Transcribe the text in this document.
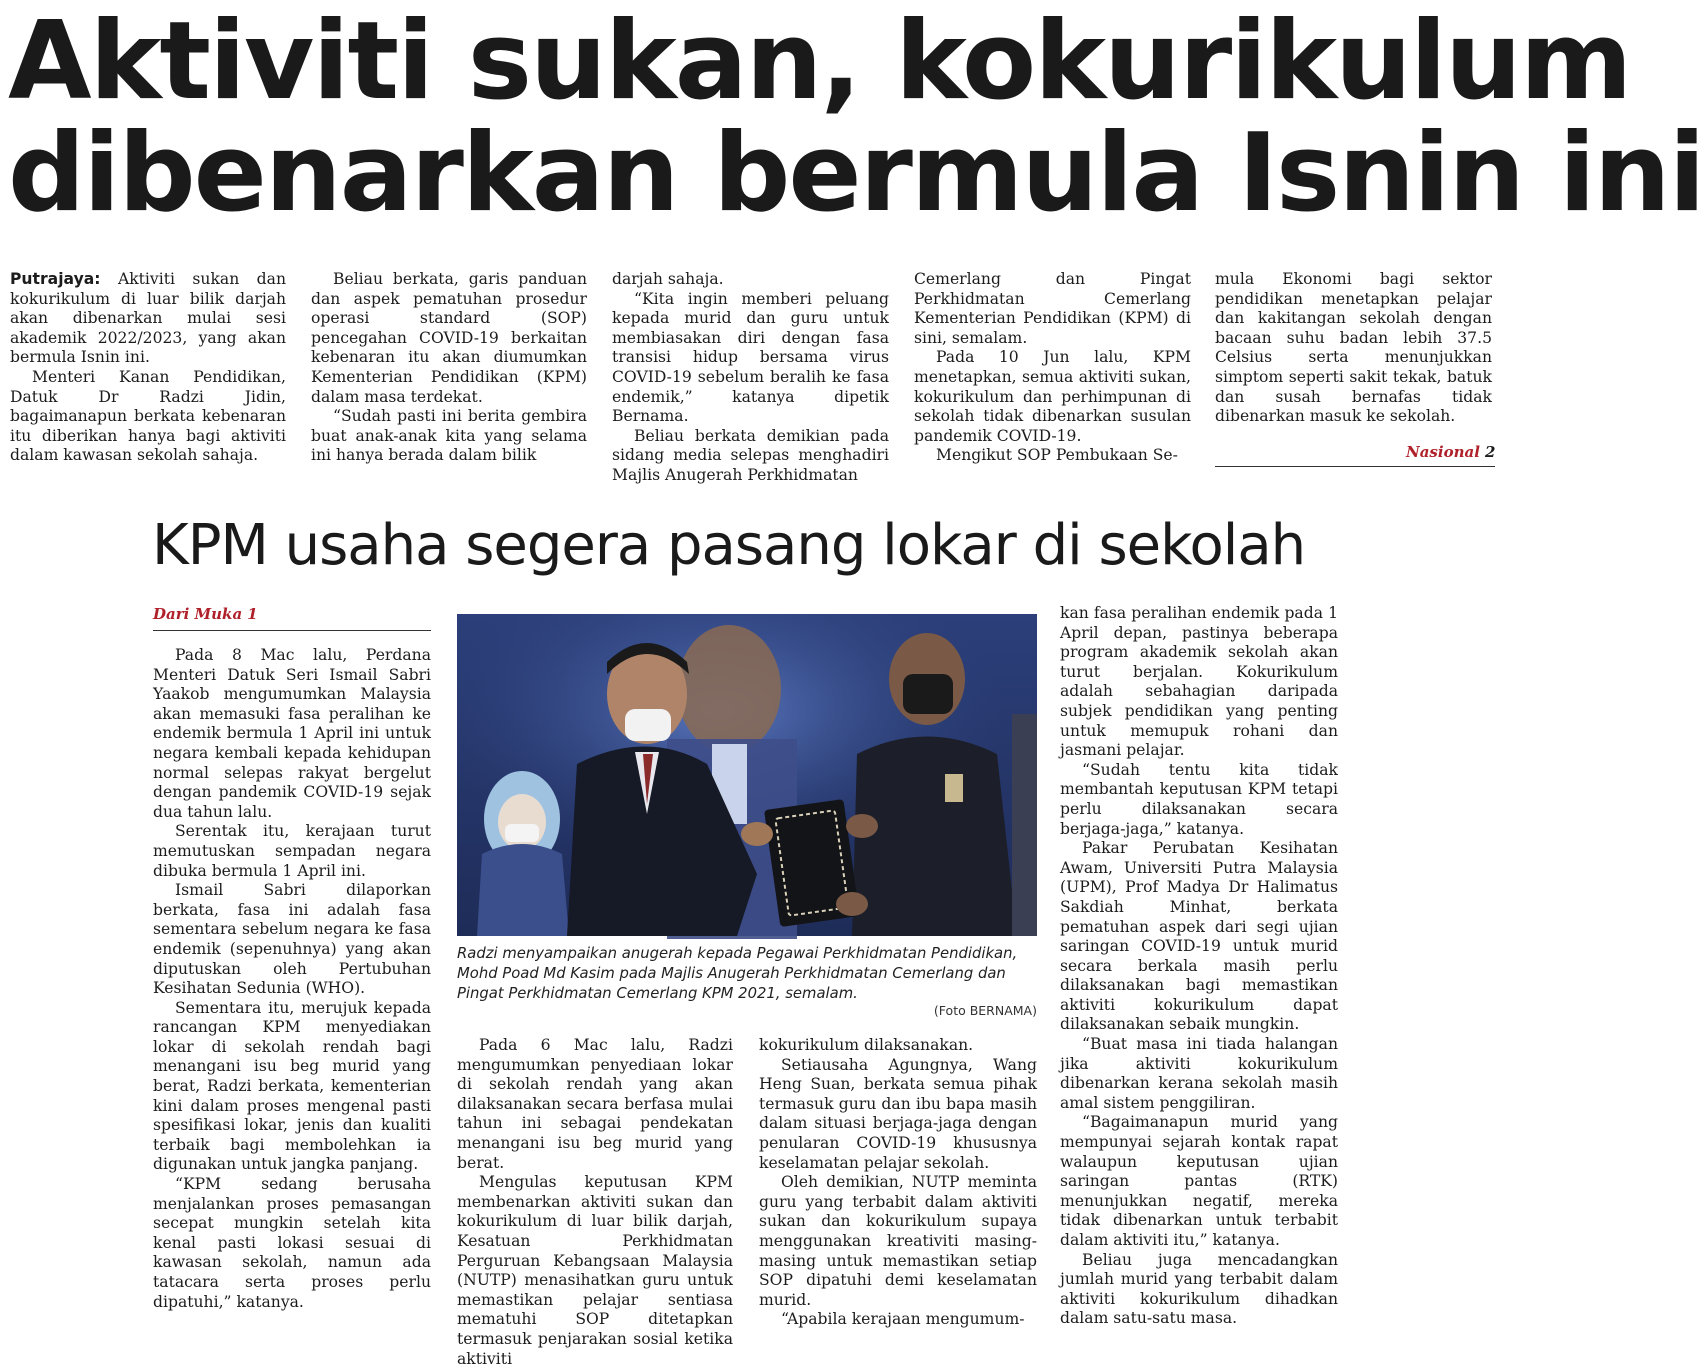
Aktiviti sukan, kokurikulum
dibenarkan bermula Isnin ini

Putrajaya: Aktiviti sukan dan kokurikulum di luar bilik darjah akan dibenarkan mulai sesi akademik 2022/2023, yang akan bermula Isnin ini.

Menteri Kanan Pendidikan, Datuk Dr Radzi Jidin, bagaimanapun berkata kebenaran itu diberikan hanya bagi aktiviti dalam kawasan sekolah sahaja.

Beliau berkata, garis panduan dan aspek pematuhan prosedur operasi standard (SOP) pencegahan COVID-19 berkaitan kebenaran itu akan diumumkan Kementerian Pendidikan (KPM) dalam masa terdekat.

“Sudah pasti ini berita gembira buat anak-anak kita yang selama ini hanya berada dalam bilik

darjah sahaja.

“Kita ingin memberi peluang kepada murid dan guru untuk membiasakan diri dengan fasa transisi hidup bersama virus COVID-19 sebelum beralih ke fasa endemik,” katanya dipetik Bernama.

Beliau berkata demikian pada sidang media selepas menghadiri Majlis Anugerah Perkhidmatan

Cemerlang dan Pingat Perkhidmatan Cemerlang Kementerian Pendidikan (KPM) di sini, semalam.

Pada 10 Jun lalu, KPM menetapkan, semua aktiviti sukan, kokurikulum dan perhimpunan di sekolah tidak dibenarkan susulan pandemik COVID-19.

Mengikut SOP Pembukaan Se-

mula Ekonomi bagi sektor pendidikan menetapkan pelajar dan kakitangan sekolah dengan bacaan suhu badan lebih 37.5 Celsius serta menunjukkan simptom seperti sakit tekak, batuk dan susah bernafas tidak dibenarkan masuk ke sekolah.

Nasional 2
KPM usaha segera pasang lokar di sekolah
Dari Muka 1

Pada 8 Mac lalu, Perdana Menteri Datuk Seri Ismail Sabri Yaakob mengumumkan Malaysia akan memasuki fasa peralihan ke endemik bermula 1 April ini untuk negara kembali kepada kehidupan normal selepas rakyat bergelut dengan pandemik COVID-19 sejak dua tahun lalu.

Serentak itu, kerajaan turut memutuskan sempadan negara dibuka bermula 1 April ini.

Ismail Sabri dilaporkan berkata, fasa ini adalah fasa sementara sebelum negara ke fasa endemik (sepenuhnya) yang akan diputuskan oleh Pertubuhan Kesihatan Sedunia (WHO).

Sementara itu, merujuk kepada rancangan KPM menyediakan lokar di sekolah rendah bagi menangani isu beg murid yang berat, Radzi berkata, kementerian kini dalam proses mengenal pasti spesifikasi lokar, jenis dan kualiti terbaik bagi membolehkan ia digunakan untuk jangka panjang.

“KPM sedang berusaha menjalankan proses pemasangan secepat mungkin setelah kita kenal pasti lokasi sesuai di kawasan sekolah, namun ada tatacara serta proses perlu dipatuhi,” katanya.

Radzi menyampaikan anugerah kepada Pegawai Perkhidmatan Pendidikan, Mohd Poad Md Kasim pada Majlis Anugerah Perkhidmatan Cemerlang dan Pingat Perkhidmatan Cemerlang KPM 2021, semalam.
(Foto BERNAMA)

Pada 6 Mac lalu, Radzi mengumumkan penyediaan lokar di sekolah rendah yang akan dilaksanakan secara berfasa mulai tahun ini sebagai pendekatan menangani isu beg murid yang berat.

Mengulas keputusan KPM membenarkan aktiviti sukan dan kokurikulum di luar bilik darjah, Kesatuan Perkhidmatan Perguruan Kebangsaan Malaysia (NUTP) menasihatkan guru untuk memastikan pelajar sentiasa mematuhi SOP ditetapkan termasuk penjarakan sosial ketika aktiviti

kokurikulum dilaksanakan.

Setiausaha Agungnya, Wang Heng Suan, berkata semua pihak termasuk guru dan ibu bapa masih dalam situasi berjaga-jaga dengan penularan COVID-19 khususnya keselamatan pelajar sekolah.

Oleh demikian, NUTP meminta guru yang terbabit dalam aktiviti sukan dan kokurikulum supaya menggunakan kreativiti masing-masing untuk memastikan setiap SOP dipatuhi demi keselamatan murid.

“Apabila kerajaan mengumum-

kan fasa peralihan endemik pada 1 April depan, pastinya beberapa program akademik sekolah akan turut berjalan. Kokurikulum adalah sebahagian daripada subjek pendidikan yang penting untuk memupuk rohani dan jasmani pelajar.

“Sudah tentu kita tidak membantah keputusan KPM tetapi perlu dilaksanakan secara berjaga-jaga,” katanya.

Pakar Perubatan Kesihatan Awam, Universiti Putra Malaysia (UPM), Prof Madya Dr Halimatus Sakdiah Minhat, berkata pematuhan aspek dari segi ujian saringan COVID-19 untuk murid secara berkala masih perlu dilaksanakan bagi memastikan aktiviti kokurikulum dapat dilaksanakan sebaik mungkin.

“Buat masa ini tiada halangan jika aktiviti kokurikulum dibenarkan kerana sekolah masih amal sistem penggiliran.

“Bagaimanapun murid yang mempunyai sejarah kontak rapat walaupun keputusan ujian saringan pantas (RTK) menunjukkan negatif, mereka tidak dibenarkan untuk terbabit dalam aktiviti itu,” katanya.

Beliau juga mencadangkan jumlah murid yang terbabit dalam aktiviti kokurikulum dihadkan dalam satu-satu masa.
